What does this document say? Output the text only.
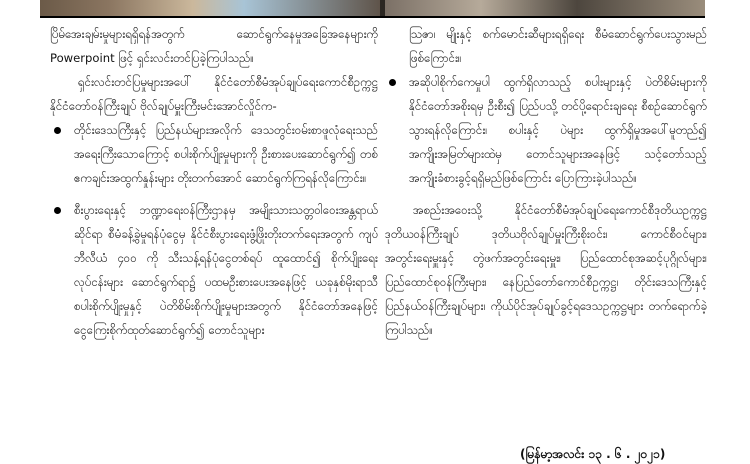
ပြိမ်အေးချမ်းမှုများရရှိရန်အတွက် ဆောင်ရွက်နေမှုအခြေအနေများကို Powerpoint ဖြင့် ရှင်းလင်းတင်ပြခဲ့ကြပါသည်။

ရှင်းလင်းတင်ပြမှုများအပေါ် နိုင်ငံတော်စီမံအုပ်ချုပ်ရေးကောင်စီဥက္ကဋ္ဌ နိုင်ငံတော်ဝန်ကြီးချုပ် ဗိုလ်ချုပ်မှူးကြီးမင်းအောင်လှိုင်က-

တိုင်းဒေသကြီးနှင့် ပြည်နယ်များအလိုက် ဒေသတွင်းဝမ်းစာဖူလုံရေးသည် အရေးကြီးသောကြောင့် စပါးစိုက်ပျိုးမှုများကို ဦးစားပေးဆောင်ရွက်၍ တစ်ဧကချင်းအထွက်နှုန်းများ တိုးတက်အောင် ဆောင်ရွက်ကြရန်လိုကြောင်း။
စီးပွားရေးနှင့် ဘဏ္ဍာရေးဝန်ကြီးဌာနမှ အမျိုးသားသတ္တဝါဝေးအန္တရာယ်ဆိုင်ရာ စီမံခန့်ခွဲမှုရန်ပုံငွေမှ နိုင်ငံစီးပွားရေးဖွံ့ဖြိုးတိုးတက်ရေးအတွက် ကျပ်ဘီလီယံ ၄၀၀ ကို သီးသန့်ရန်ပုံငွေတစ်ရပ် ထူထောင်၍ စိုက်ပျိုးရေးလုပ်ငန်းများ ဆောင်ရွက်ရာ၌ ပထမဦးစားပေးအနေဖြင့် ယခုနှစ်မိုးရာသီစပါးစိုက်ပျိုးမှုနှင့် ပဲတိစိမ်းစိုက်ပျိုးမှုများအတွက် နိုင်ငံတော်အနေဖြင့် ငွေကြေးစိုက်ထုတ်ဆောင်ရွက်၍ တောင်သူများ

သြဇာ၊ မျိုးနှင့် စက်မောင်းဆီများရရှိရေး စီမံဆောင်ရွက်ပေးသွားမည်ဖြစ်ကြောင်း။

အဆိုပါစိုက်ကေမှုပါ ထွက်ရှိလာသည့် စပါးများနှင့် ပဲတိစိမ်းများကို နိုင်ငံတော်အစိုးရမှ ဦးစီး၍ ပြည်ပသို့ တင်ပို့ရောင်းချရေး စီစဉ်ဆောင်ရွက်သွားရန်လိုကြောင်း၊ စပါးနှင့် ပဲများ ထွက်ရှိမှုအပေါ်မူတည်၍ အကျိုးအမြတ်များထဲမှ တောင်သူများအနေဖြင့် သင့်တော်သည့် အကျိုးခံစားခွင့်ရရှိမည်ဖြစ်ကြောင်း ပြောကြားခဲ့ပါသည်။

အစည်းအဝေးသို့ နိုင်ငံတော်စီမံအုပ်ချုပ်ရေးကောင်စီဒုတိယဥက္ကဋ္ဌ ဒုတိယဝန်ကြီးချုပ် ဒုတိယဗိုလ်ချုပ်မှူးကြီးစိုးဝင်း၊ ကောင်စီဝင်များ၊ အတွင်းရေးမှူးနှင့် တွဲဖက်အတွင်းရေးမှူး၊ ပြည်ထောင်စုအဆင့်ပုဂ္ဂိုလ်များ၊ ပြည်ထောင်စုဝန်ကြီးများ၊ နေပြည်တော်ကောင်စီဥက္ကဋ္ဌ၊ တိုင်းဒေသကြီးနှင့် ပြည်နယ်ဝန်ကြီးချုပ်များ၊ ကိုယ်ပိုင်အုပ်ချုပ်ခွင့်ရဒေသဥက္ကဋ္ဌများ တက်ရောက်ခဲ့ကြပါသည်။

(မြန်မာ့အလင်း ၁၃ . ၆ . ၂၀၂၁)
